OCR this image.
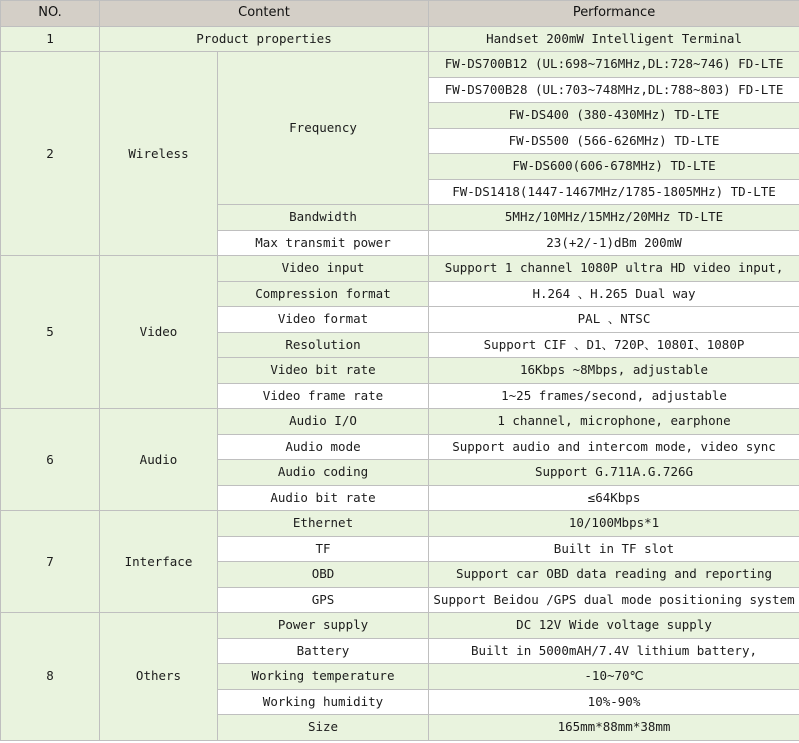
NO.	Content		Performance
1	Product properties		Handset 200mW Intelligent Terminal
2	Wireless	Frequency	FW-DS700B12 (UL:698~716MHz,DL:728~746) FD-LTE
			FW-DS700B28 (UL:703~748MHz,DL:788~803) FD-LTE
			FW-DS400 (380-430MHz) TD-LTE
			FW-DS500 (566-626MHz) TD-LTE
			FW-DS600(606-678MHz) TD-LTE
			FW-DS1418(1447-1467MHz/1785-1805MHz) TD-LTE
		Bandwidth	5MHz/10MHz/15MHz/20MHz TD-LTE
		Max transmit power	23(+2/-1)dBm 200mW
5	Video	Video input	Support 1 channel 1080P ultra HD video input,
		Compression format	H.264 、H.265 Dual way
		Video format	PAL 、NTSC
		Resolution	Support CIF 、D1、720P、1080I、1080P
		Video bit rate	16Kbps ~8Mbps, adjustable
		Video frame rate	1~25 frames/second, adjustable
6	Audio	Audio I/O	1 channel, microphone, earphone
		Audio mode	Support audio and intercom mode, video sync
		Audio coding	Support G.711A.G.726G
		Audio bit rate	≤64Kbps
7	Interface	Ethernet	10/100Mbps*1
		TF	Built in TF slot
		OBD	Support car OBD data reading and reporting
		GPS	Support Beidou /GPS dual mode positioning system
8	Others	Power supply	DC 12V Wide voltage supply
		Battery	Built in 5000mAH/7.4V lithium battery,
		Working temperature	-10~70℃
		Working humidity	10%-90%
		Size	165mm*88mm*38mm
